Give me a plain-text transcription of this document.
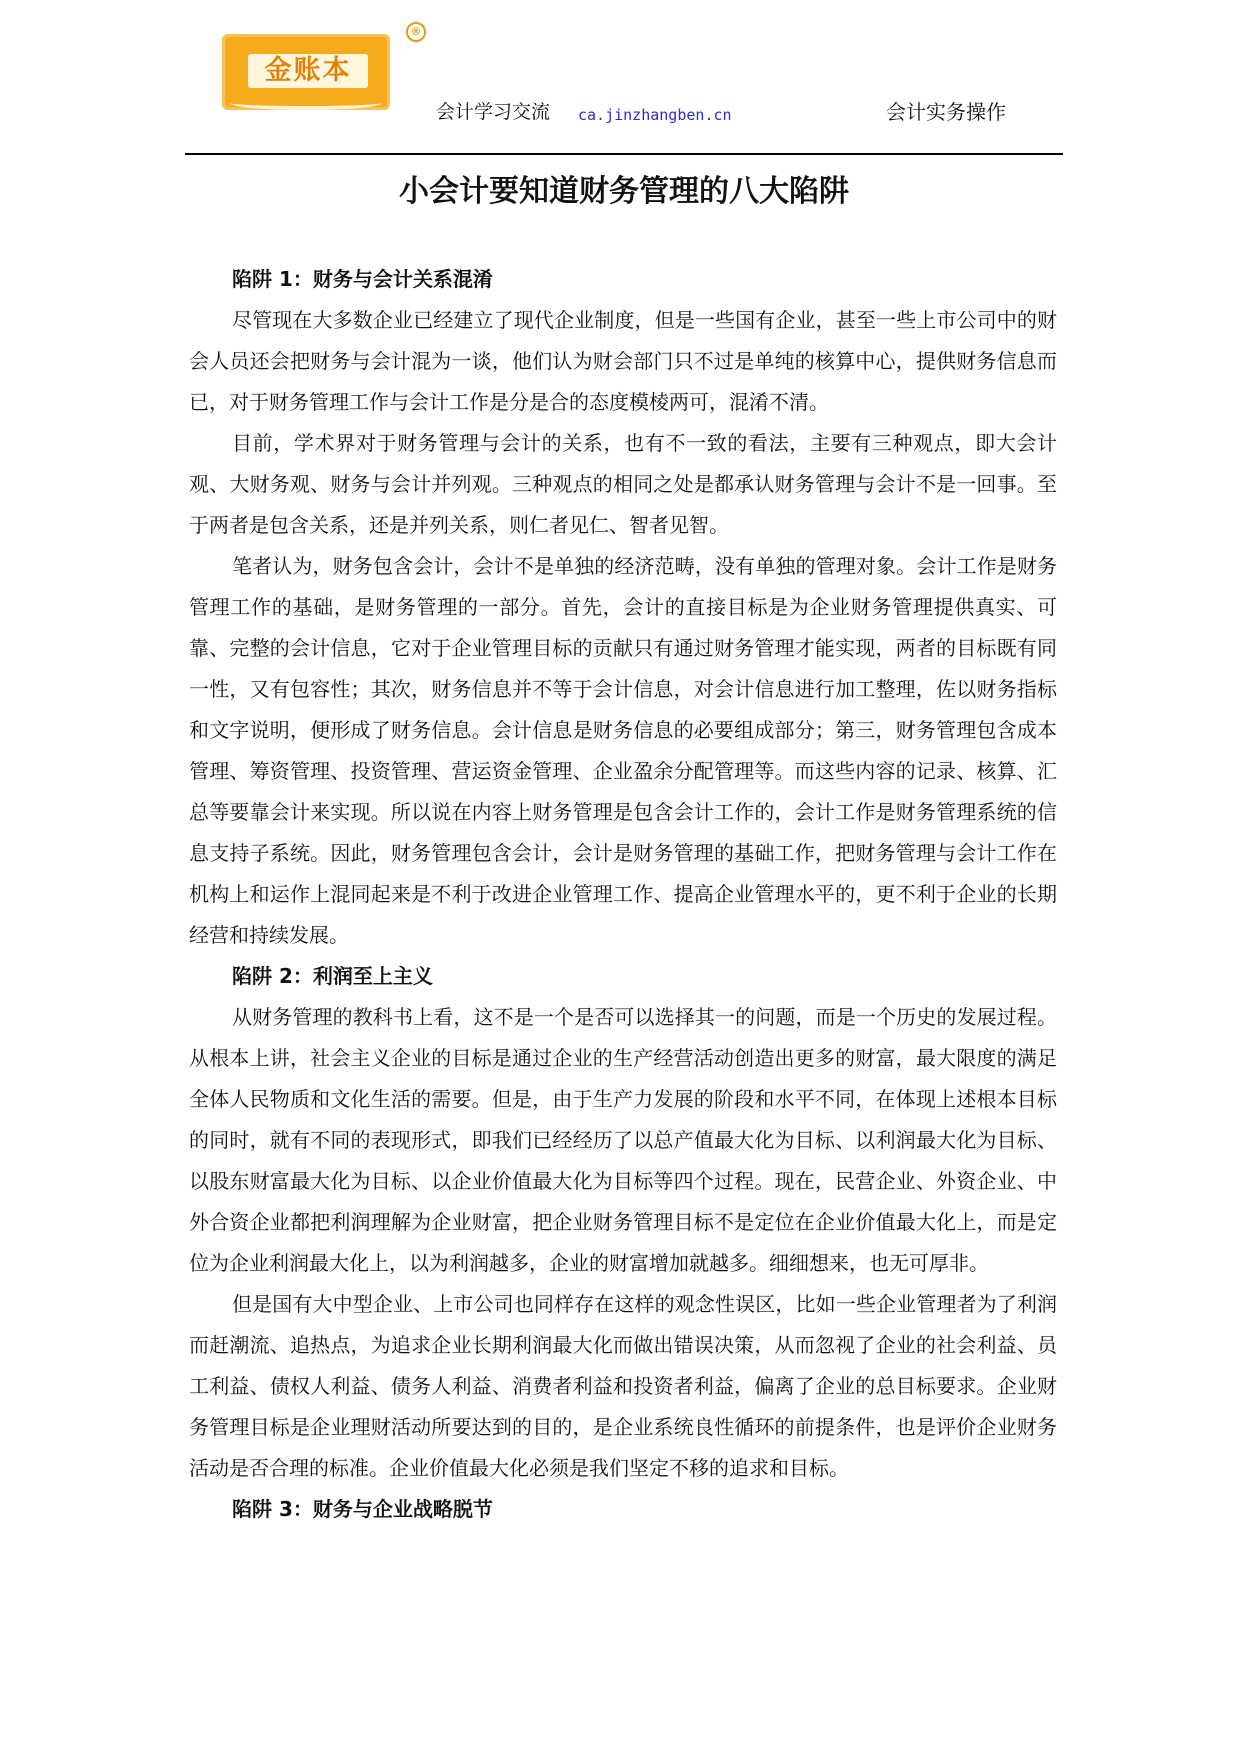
金账本
®
会计学习交流 ca.jinzhangben.cn	会计实务操作
小会计要知道财务管理的八大陷阱
陷阱 1：财务与会计关系混淆

尽管现在大多数企业已经建立了现代企业制度，但是一些国有企业，甚至一些上市公司中的财会人员还会把财务与会计混为一谈，他们认为财会部门只不过是单纯的核算中心，提供财务信息而已，对于财务管理工作与会计工作是分是合的态度模棱两可，混淆不清。

目前，学术界对于财务管理与会计的关系，也有不一致的看法，主要有三种观点，即大会计观、大财务观、财务与会计并列观。三种观点的相同之处是都承认财务管理与会计不是一回事。至于两者是包含关系，还是并列关系，则仁者见仁、智者见智。

笔者认为，财务包含会计，会计不是单独的经济范畴，没有单独的管理对象。会计工作是财务管理工作的基础，是财务管理的一部分。首先，会计的直接目标是为企业财务管理提供真实、可靠、完整的会计信息，它对于企业管理目标的贡献只有通过财务管理才能实现，两者的目标既有同一性，又有包容性；其次，财务信息并不等于会计信息，对会计信息进行加工整理，佐以财务指标和文字说明，便形成了财务信息。会计信息是财务信息的必要组成部分；第三，财务管理包含成本管理、筹资管理、投资管理、营运资金管理、企业盈余分配管理等。而这些内容的记录、核算、汇总等要靠会计来实现。所以说在内容上财务管理是包含会计工作的，会计工作是财务管理系统的信息支持子系统。因此，财务管理包含会计，会计是财务管理的基础工作，把财务管理与会计工作在机构上和运作上混同起来是不利于改进企业管理工作、提高企业管理水平的，更不利于企业的长期经营和持续发展。

陷阱 2：利润至上主义

从财务管理的教科书上看，这不是一个是否可以选择其一的问题，而是一个历史的发展过程。从根本上讲，社会主义企业的目标是通过企业的生产经营活动创造出更多的财富，最大限度的满足全体人民物质和文化生活的需要。但是，由于生产力发展的阶段和水平不同，在体现上述根本目标的同时，就有不同的表现形式，即我们已经经历了以总产值最大化为目标、以利润最大化为目标、以股东财富最大化为目标、以企业价值最大化为目标等四个过程。现在，民营企业、外资企业、中外合资企业都把利润理解为企业财富，把企业财务管理目标不是定位在企业价值最大化上，而是定位为企业利润最大化上，以为利润越多，企业的财富增加就越多。细细想来，也无可厚非。

但是国有大中型企业、上市公司也同样存在这样的观念性误区，比如一些企业管理者为了利润而赶潮流、追热点，为追求企业长期利润最大化而做出错误决策，从而忽视了企业的社会利益、员工利益、债权人利益、债务人利益、消费者利益和投资者利益，偏离了企业的总目标要求。企业财务管理目标是企业理财活动所要达到的目的，是企业系统良性循环的前提条件，也是评价企业财务活动是否合理的标准。企业价值最大化必须是我们坚定不移的追求和目标。

陷阱 3：财务与企业战略脱节
